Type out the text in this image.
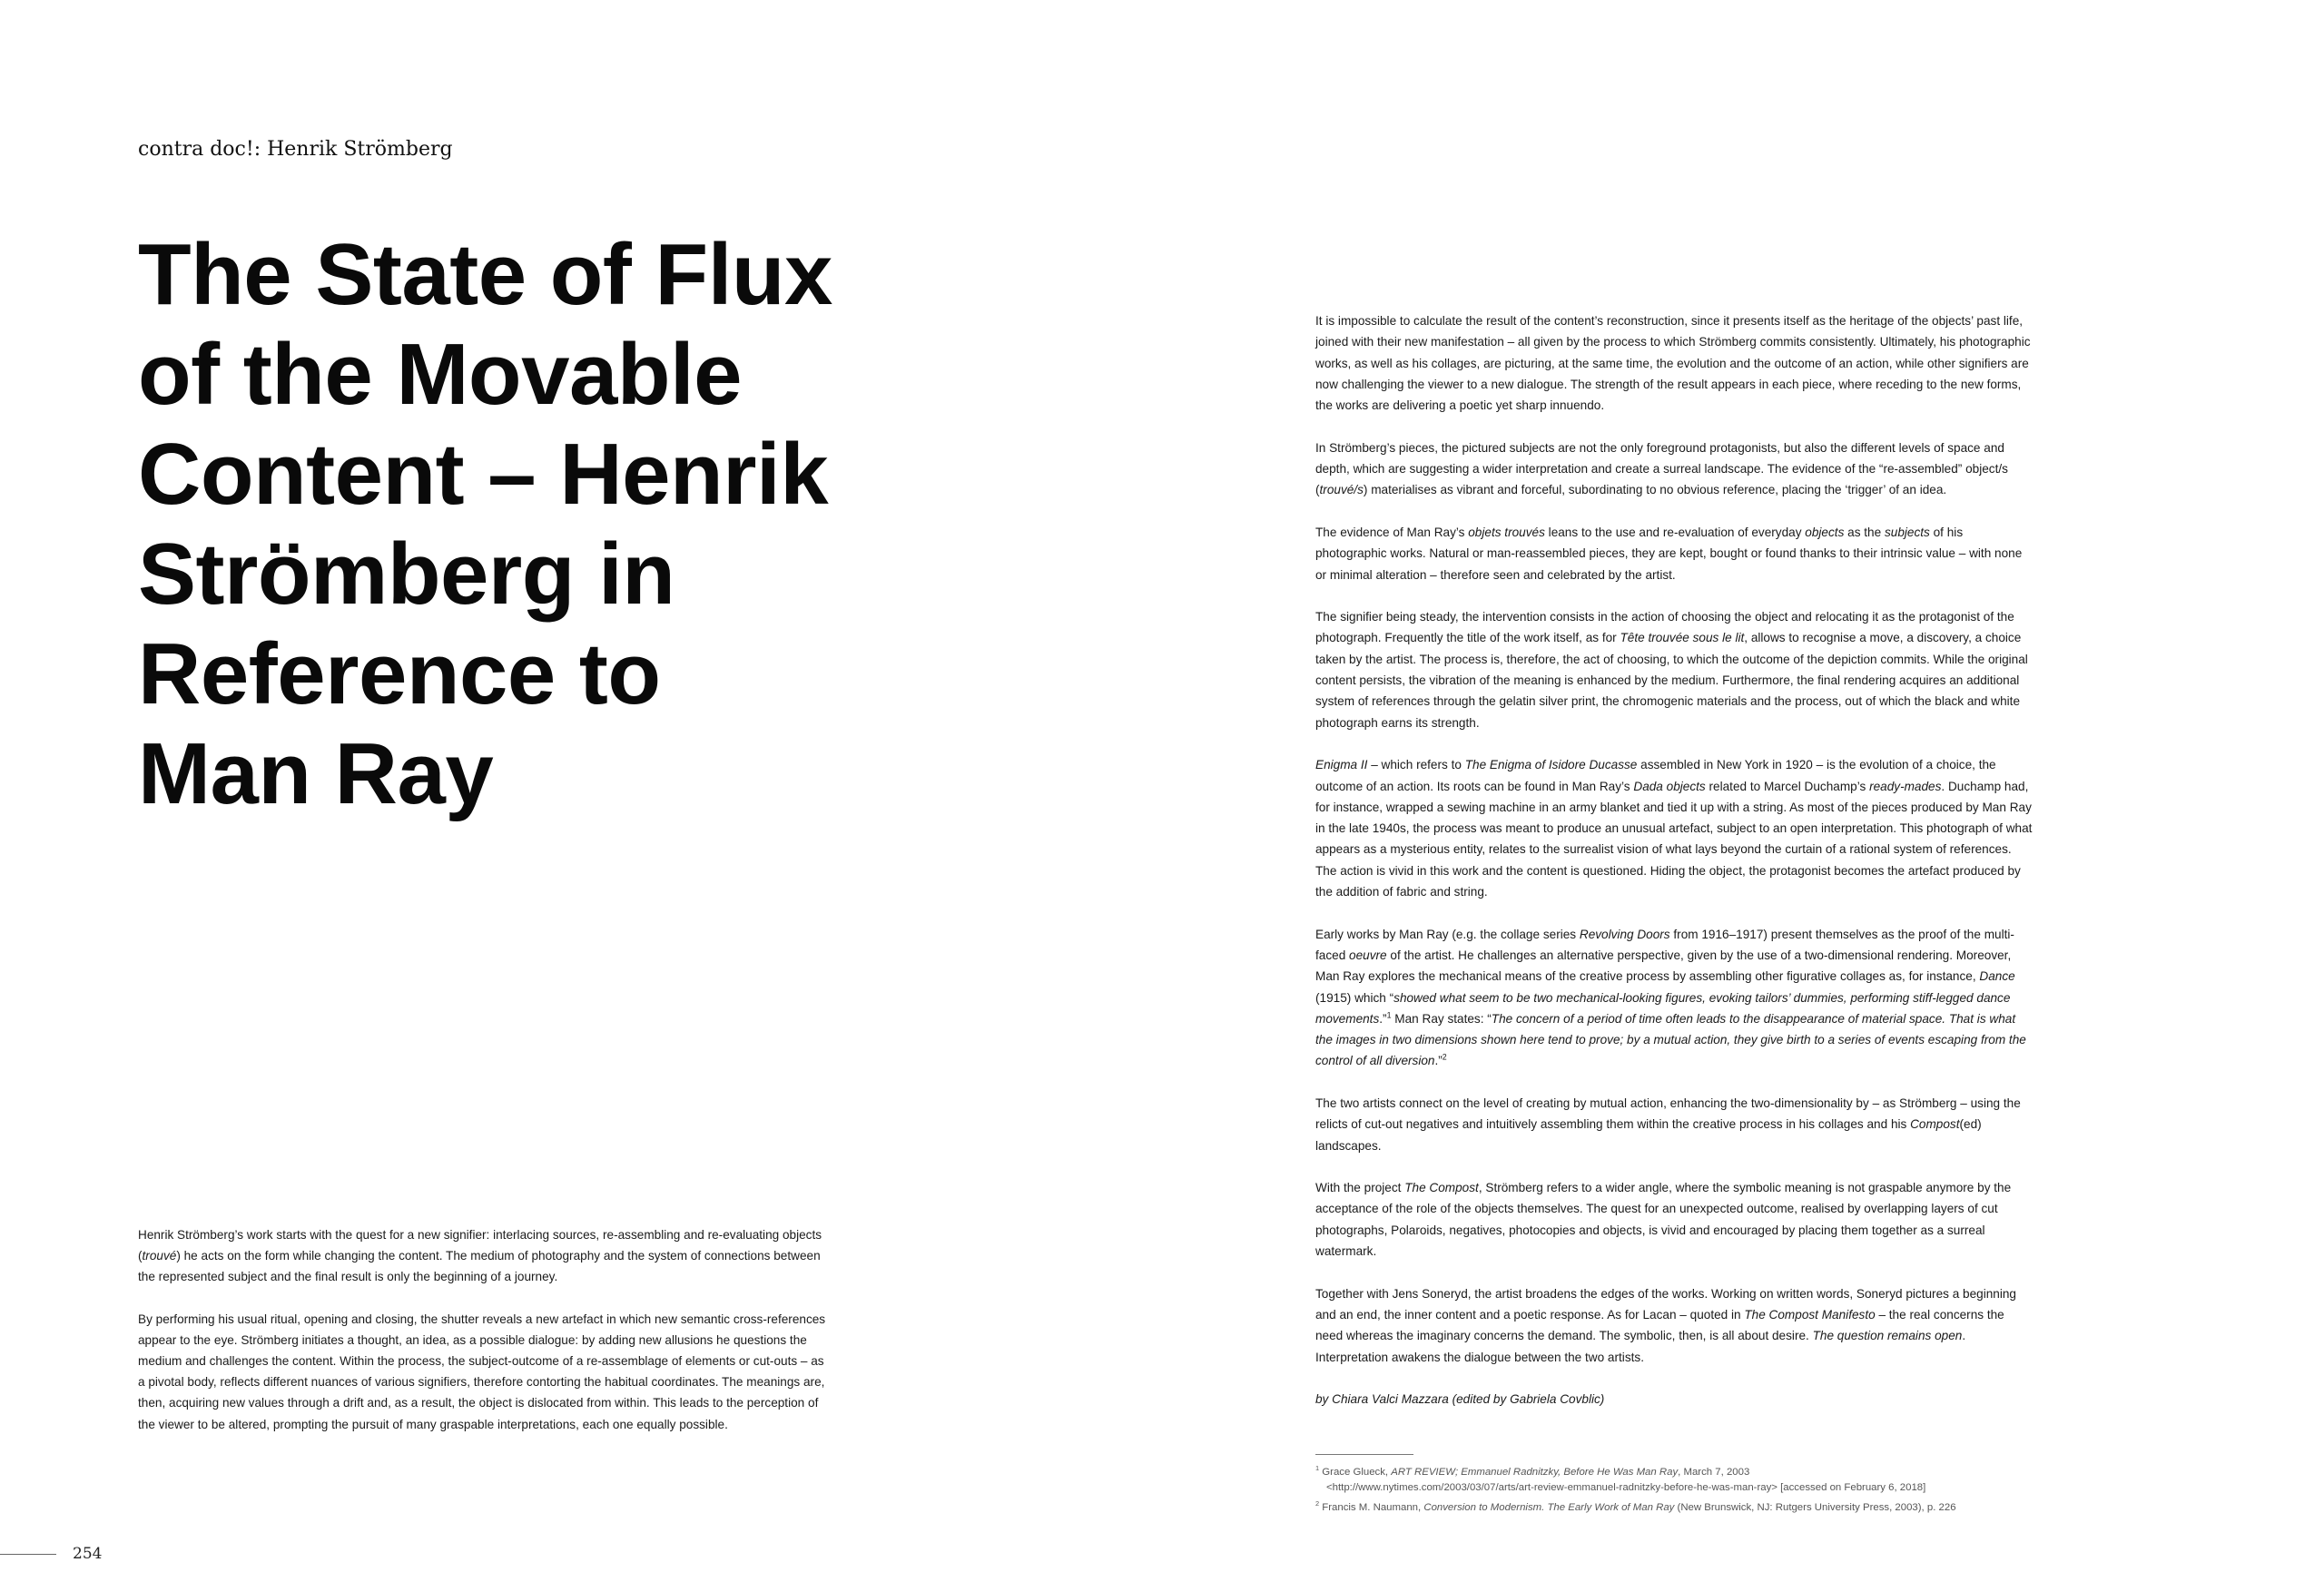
contra doc!: Henrik Strömberg
The State of Flux
of the Movable
Content – Henrik
Strömberg in
Reference to
Man Ray

Henrik Strömberg’s work starts with the quest for a new signifier: interlacing sources, re-assembling and re-evaluating objects (trouvé) he acts on the form while changing the content. The medium of photography and the system of connections between the represented subject and the final result is only the beginning of a journey.

By performing his usual ritual, opening and closing, the shutter reveals a new artefact in which new semantic cross-references appear to the eye. Strömberg initiates a thought, an idea, as a possible dialogue: by adding new allusions he questions the medium and challenges the content. Within the process, the subject-outcome of a re-assemblage of elements or cut-outs – as a pivotal body, reflects different nuances of various signifiers, therefore contorting the habitual coordinates. The meanings are, then, acquiring new values through a drift and, as a result, the object is dislocated from within. This leads to the perception of the viewer to be altered, prompting the pursuit of many graspable interpretations, each one equally possible.

It is impossible to calculate the result of the content’s reconstruction, since it presents itself as the heritage of the objects’ past life, joined with their new manifestation – all given by the process to which Strömberg commits consistently. Ultimately, his photographic works, as well as his collages, are picturing, at the same time, the evolution and the outcome of an action, while other signifiers are now challenging the viewer to a new dialogue. The strength of the result appears in each piece, where receding to the new forms, the works are delivering a poetic yet sharp innuendo.

In Strömberg’s pieces, the pictured subjects are not the only foreground protagonists, but also the different levels of space and depth, which are suggesting a wider interpretation and create a surreal landscape. The evidence of the “re-assembled” object/s (trouvé/s) materialises as vibrant and forceful, subordinating to no obvious reference, placing the ‘trigger’ of an idea.

The evidence of Man Ray’s objets trouvés leans to the use and re-evaluation of everyday objects as the subjects of his photographic works. Natural or man-reassembled pieces, they are kept, bought or found thanks to their intrinsic value – with none or minimal alteration – therefore seen and celebrated by the artist.

The signifier being steady, the intervention consists in the action of choosing the object and relocating it as the protagonist of the photograph. Frequently the title of the work itself, as for Tête trouvée sous le lit, allows to recognise a move, a discovery, a choice taken by the artist. The process is, therefore, the act of choosing, to which the outcome of the depiction commits. While the original content persists, the vibration of the meaning is enhanced by the medium. Furthermore, the final rendering acquires an additional system of references through the gelatin silver print, the chromogenic materials and the process, out of which the black and white photograph earns its strength.

Enigma II – which refers to The Enigma of Isidore Ducasse assembled in New York in 1920 – is the evolution of a choice, the outcome of an action. Its roots can be found in Man Ray’s Dada objects related to Marcel Duchamp’s ready-mades. Duchamp had, for instance, wrapped a sewing machine in an army blanket and tied it up with a string. As most of the pieces produced by Man Ray in the late 1940s, the process was meant to produce an unusual artefact, subject to an open interpretation. This photograph of what appears as a mysterious entity, relates to the surrealist vision of what lays beyond the curtain of a rational system of references. The action is vivid in this work and the content is questioned. Hiding the object, the protagonist becomes the artefact produced by the addition of fabric and string.

Early works by Man Ray (e.g. the collage series Revolving Doors from 1916–1917) present themselves as the proof of the multi-faced oeuvre of the artist. He challenges an alternative perspective, given by the use of a two-dimensional rendering. Moreover, Man Ray explores the mechanical means of the creative process by assembling other figurative collages as, for instance, Dance (1915) which “showed what seem to be two mechanical-looking figures, evoking tailors’ dummies, performing stiff-legged dance movements.”$^1$ Man Ray states: “The concern of a period of time often leads to the disappearance of material space. That is what the images in two dimensions shown here tend to prove; by a mutual action, they give birth to a series of events escaping from the control of all diversion.”$^2$

The two artists connect on the level of creating by mutual action, enhancing the two-dimensionality by – as Strömberg – using the relicts of cut-out negatives and intuitively assembling them within the creative process in his collages and his Compost(ed) landscapes.

With the project The Compost, Strömberg refers to a wider angle, where the symbolic meaning is not graspable anymore by the acceptance of the role of the objects themselves. The quest for an unexpected outcome, realised by overlapping layers of cut photographs, Polaroids, negatives, photocopies and objects, is vivid and encouraged by placing them together as a surreal watermark.

Together with Jens Soneryd, the artist broadens the edges of the works. Working on written words, Soneryd pictures a beginning and an end, the inner content and a poetic response. As for Lacan – quoted in The Compost Manifesto – the real concerns the need whereas the imaginary concerns the demand. The symbolic, then, is all about desire. The question remains open. Interpretation awakens the dialogue between the two artists.

by Chiara Valci Mazzara (edited by Gabriela Covblic)

$^1$ Grace Glueck, ART REVIEW; Emmanuel Radnitzky, Before He Was Man Ray, March 7, 2003
<http://www.nytimes.com/2003/03/07/arts/art-review-emmanuel-radnitzky-before-he-was-man-ray> [accessed on February 6, 2018]

$^2$ Francis M. Naumann, Conversion to Modernism. The Early Work of Man Ray (New Brunswick, NJ: Rutgers University Press, 2003), p. 226

254
